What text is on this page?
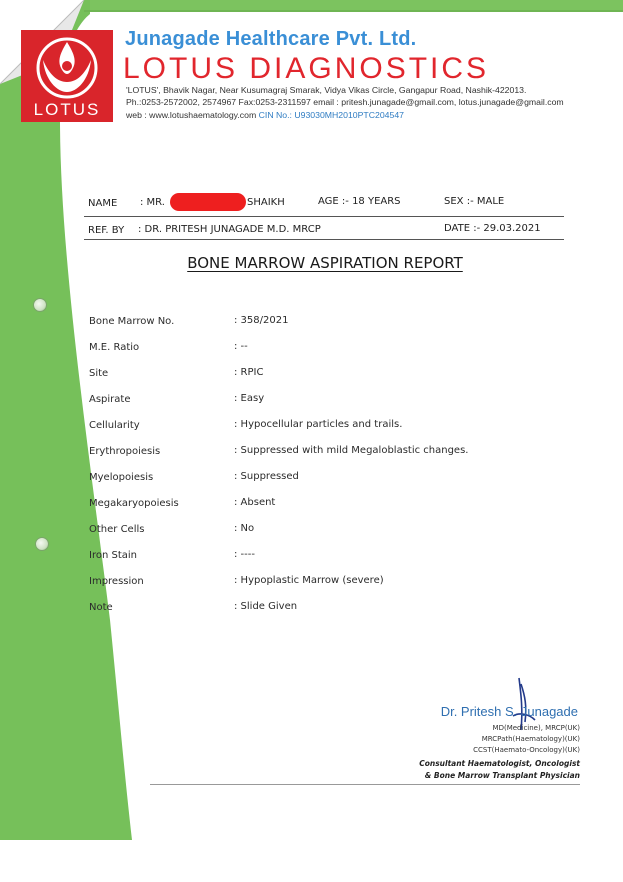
LOTUS
Junagade Healthcare Pvt. Ltd.
LOTUS DIAGNOSTICS
'LOTUS', Bhavik Nagar, Near Kusumagraj Smarak, Vidya Vikas Circle, Gangapur Road, Nashik-422013.
Ph.:0253-2572002, 2574967 Fax:0253-2311597 email : pritesh.junagade@gmail.com, lotus.junagade@gmail.com
web : www.lotushaematology.com CIN No.: U93030MH2010PTC204547
NAME : MR.	SHAIKH	AGE :- 18 YEARS	SEX :- MALE
REF. BY : DR. PRITESH JUNAGADE M.D. MRCP	DATE :- 29.03.2021
BONE MARROW ASPIRATION REPORT
Bone Marrow No.	: 358/2021
M.E. Ratio	: --
Site	: RPIC
Aspirate	: Easy
Cellularity	: Hypocellular particles and trails.
Erythropoiesis	: Suppressed with mild Megaloblastic changes.
Myelopoiesis	: Suppressed
Megakaryopoiesis	: Absent
Other Cells	: No
Iron Stain	: ----
Impression	: Hypoplastic Marrow (severe)
Note	: Slide Given
Dr. Pritesh S. Junagade
MD(Medicine), MRCP(UK)
MRCPath(Haematology)(UK)
CCST(Haemato-Oncology)(UK)
Consultant Haematologist, Oncologist
& Bone Marrow Transplant Physician
